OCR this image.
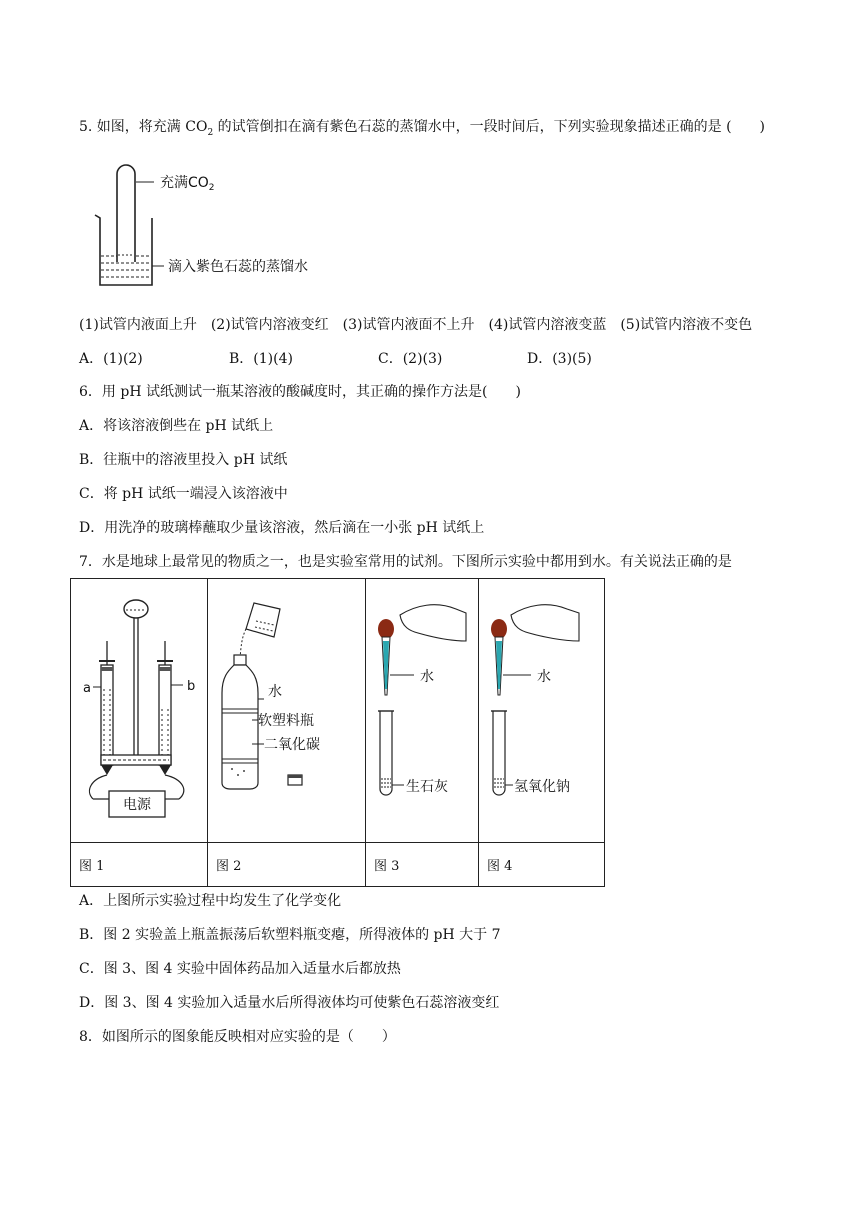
5. 如图，将充满 $CO_2$ 的试管倒扣在滴有紫色石蕊的蒸馏水中，一段时间后，下列实验现象描述正确的是 (　　)
充满$CO_2$
滴入紫色石蕊的蒸馏水
(1)试管内液面上升　(2)试管内溶液变红　(3)试管内液面不上升　(4)试管内溶液变蓝　(5)试管内溶液不变色
A．(1)(2)	B．(1)(4)	C．(2)(3)	D．(3)(5)
6．用 pH 试纸测试一瓶某溶液的酸碱度时，其正确的操作方法是(　　)
A．将该溶液倒些在 pH 试纸上
B．往瓶中的溶液里投入 pH 试纸
C．将 pH 试纸一端浸入该溶液中
D．用洗净的玻璃棒蘸取少量该溶液，然后滴在一小张 pH 试纸上
7．水是地球上最常见的物质之一，也是实验室常用的试剂。下图所示实验中都用到水。有关说法正确的是
电源
a b	水
软塑料瓶
二氧化碳	水
生石灰	水
氢氧化钠

图 1	图 2	图 3	图 4
A．上图所示实验过程中均发生了化学变化
B．图 2 实验盖上瓶盖振荡后软塑料瓶变瘪，所得液体的 pH 大于 7
C．图 3、图 4 实验中固体药品加入适量水后都放热
D．图 3、图 4 实验加入适量水后所得液体均可使紫色石蕊溶液变红
8．如图所示的图象能反映相对应实验的是（　　）
